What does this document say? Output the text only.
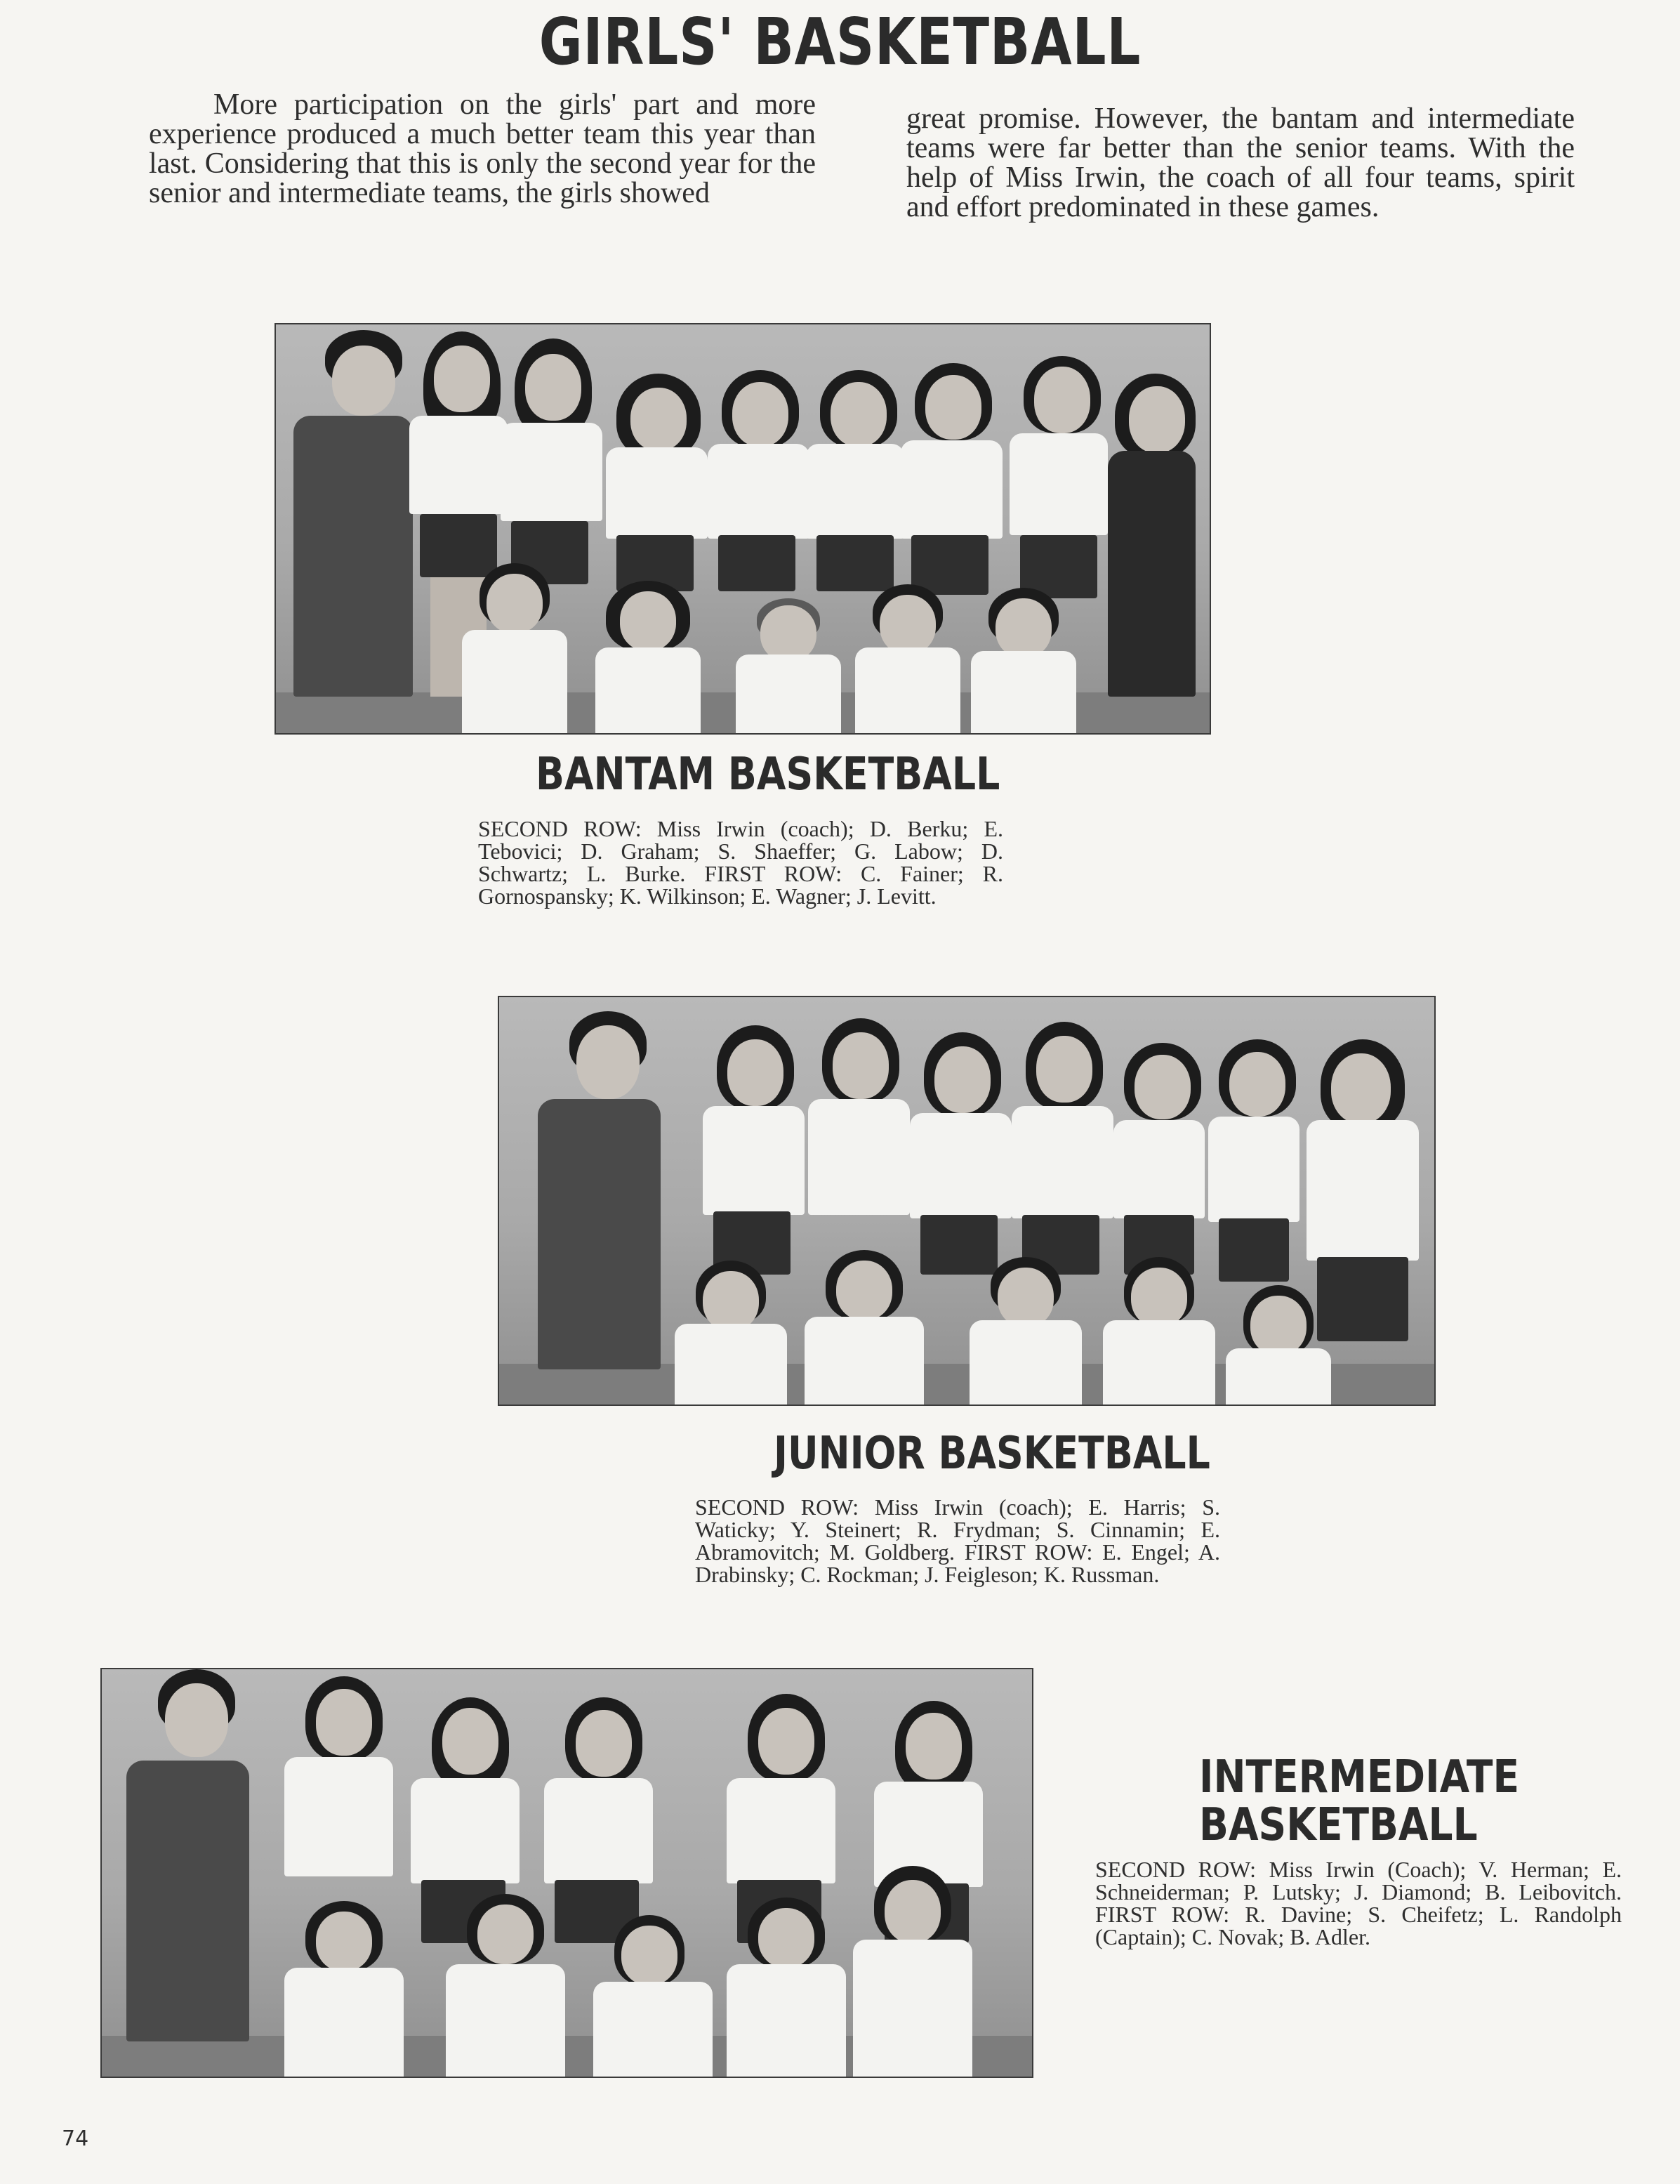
GIRLS' BASKETBALL

More participation on the girls' part and more experience produced a much better team this year than last. Considering that this is only the second year for the senior and intermediate teams, the girls showed

great promise. However, the bantam and intermediate teams were far better than the senior teams. With the help of Miss Irwin, the coach of all four teams, spirit and effort predominated in these games.

BANTAM BASKETBALL
SECOND ROW: Miss Irwin (coach); D. Berku; E. Tebovici; D. Graham; S. Shaeffer; G. Labow; D. Schwartz; L. Burke. FIRST ROW: C. Fainer; R. Gornospansky; K. Wilkinson; E. Wagner; J. Levitt.
JUNIOR BASKETBALL
SECOND ROW: Miss Irwin (coach); E. Harris; S. Waticky; Y. Steinert; R. Frydman; S. Cinnamin; E. Abramovitch; M. Goldberg. FIRST ROW: E. Engel; A. Drabinsky; C. Rockman; J. Feigleson; K. Russman.
INTERMEDIATE
BASKETBALL
SECOND ROW: Miss Irwin (Coach); V. Herman; E. Schneiderman; P. Lutsky; J. Diamond; B. Leibovitch. FIRST ROW: R. Davine; S. Cheifetz; L. Randolph (Captain); C. Novak; B. Adler.
74
